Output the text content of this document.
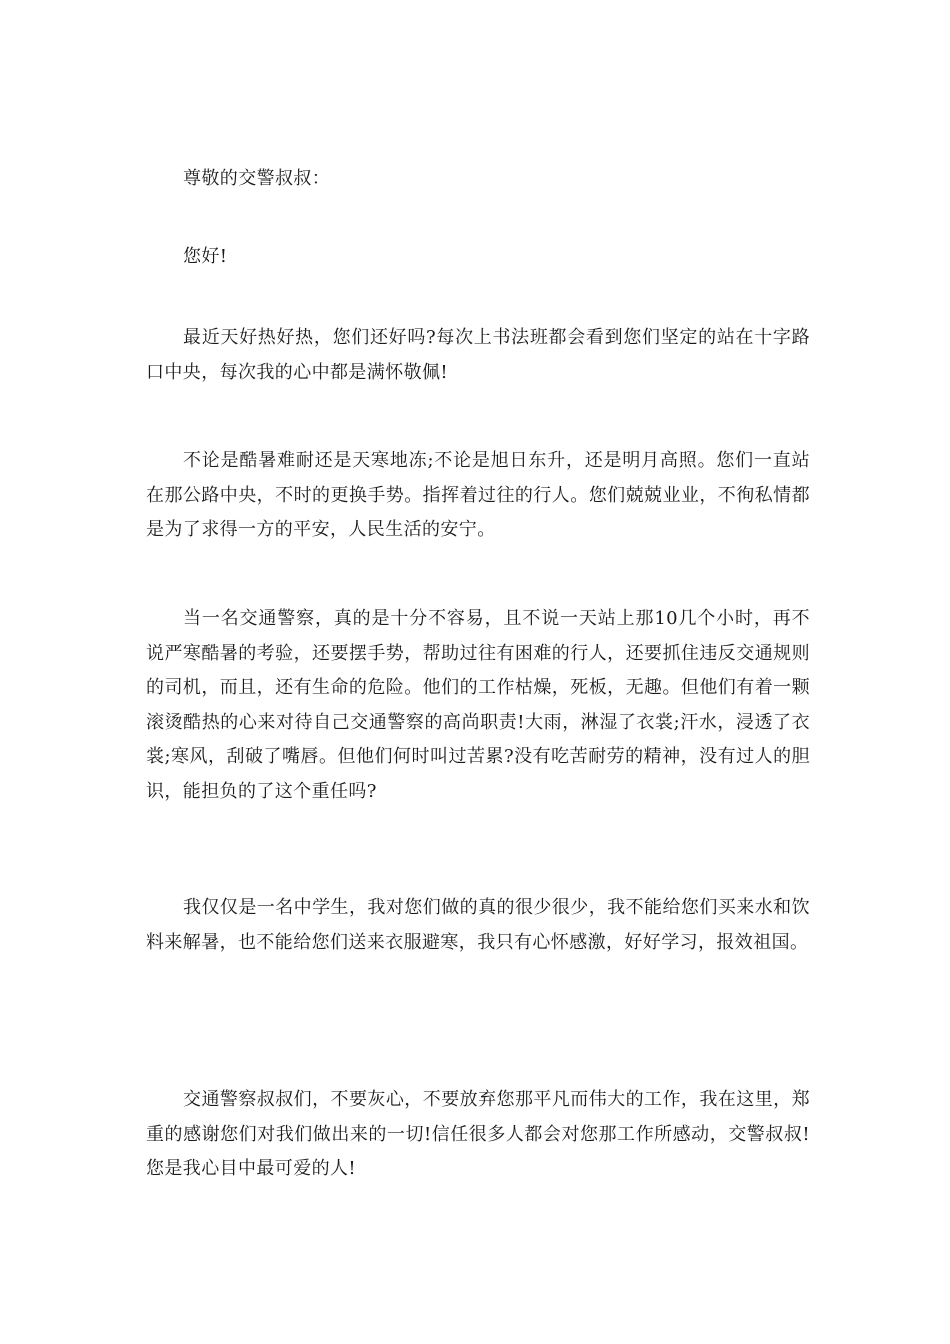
尊敬的交警叔叔：
您好!
最近天好热好热，您们还好吗?每次上书法班都会看到您们坚定的站在十字路口中央，每次我的心中都是满怀敬佩!
不论是酷暑难耐还是天寒地冻;不论是旭日东升，还是明月高照。您们一直站在那公路中央，不时的更换手势。指挥着过往的行人。您们兢兢业业，不徇私情都是为了求得一方的平安，人民生活的安宁。
当一名交通警察，真的是十分不容易，且不说一天站上那10几个小时，再不说严寒酷暑的考验，还要摆手势，帮助过往有困难的行人，还要抓住违反交通规则的司机，而且，还有生命的危险。他们的工作枯燥，死板，无趣。但他们有着一颗滚烫酷热的心来对待自己交通警察的高尚职责!大雨，淋湿了衣裳;汗水，浸透了衣裳;寒风，刮破了嘴唇。但他们何时叫过苦累?没有吃苦耐劳的精神，没有过人的胆识，能担负的了这个重任吗?
我仅仅是一名中学生，我对您们做的真的很少很少，我不能给您们买来水和饮料来解暑，也不能给您们送来衣服避寒，我只有心怀感激，好好学习，报效祖国。
交通警察叔叔们，不要灰心，不要放弃您那平凡而伟大的工作，我在这里，郑重的感谢您们对我们做出来的一切!信任很多人都会对您那工作所感动，交警叔叔!您是我心目中最可爱的人!
